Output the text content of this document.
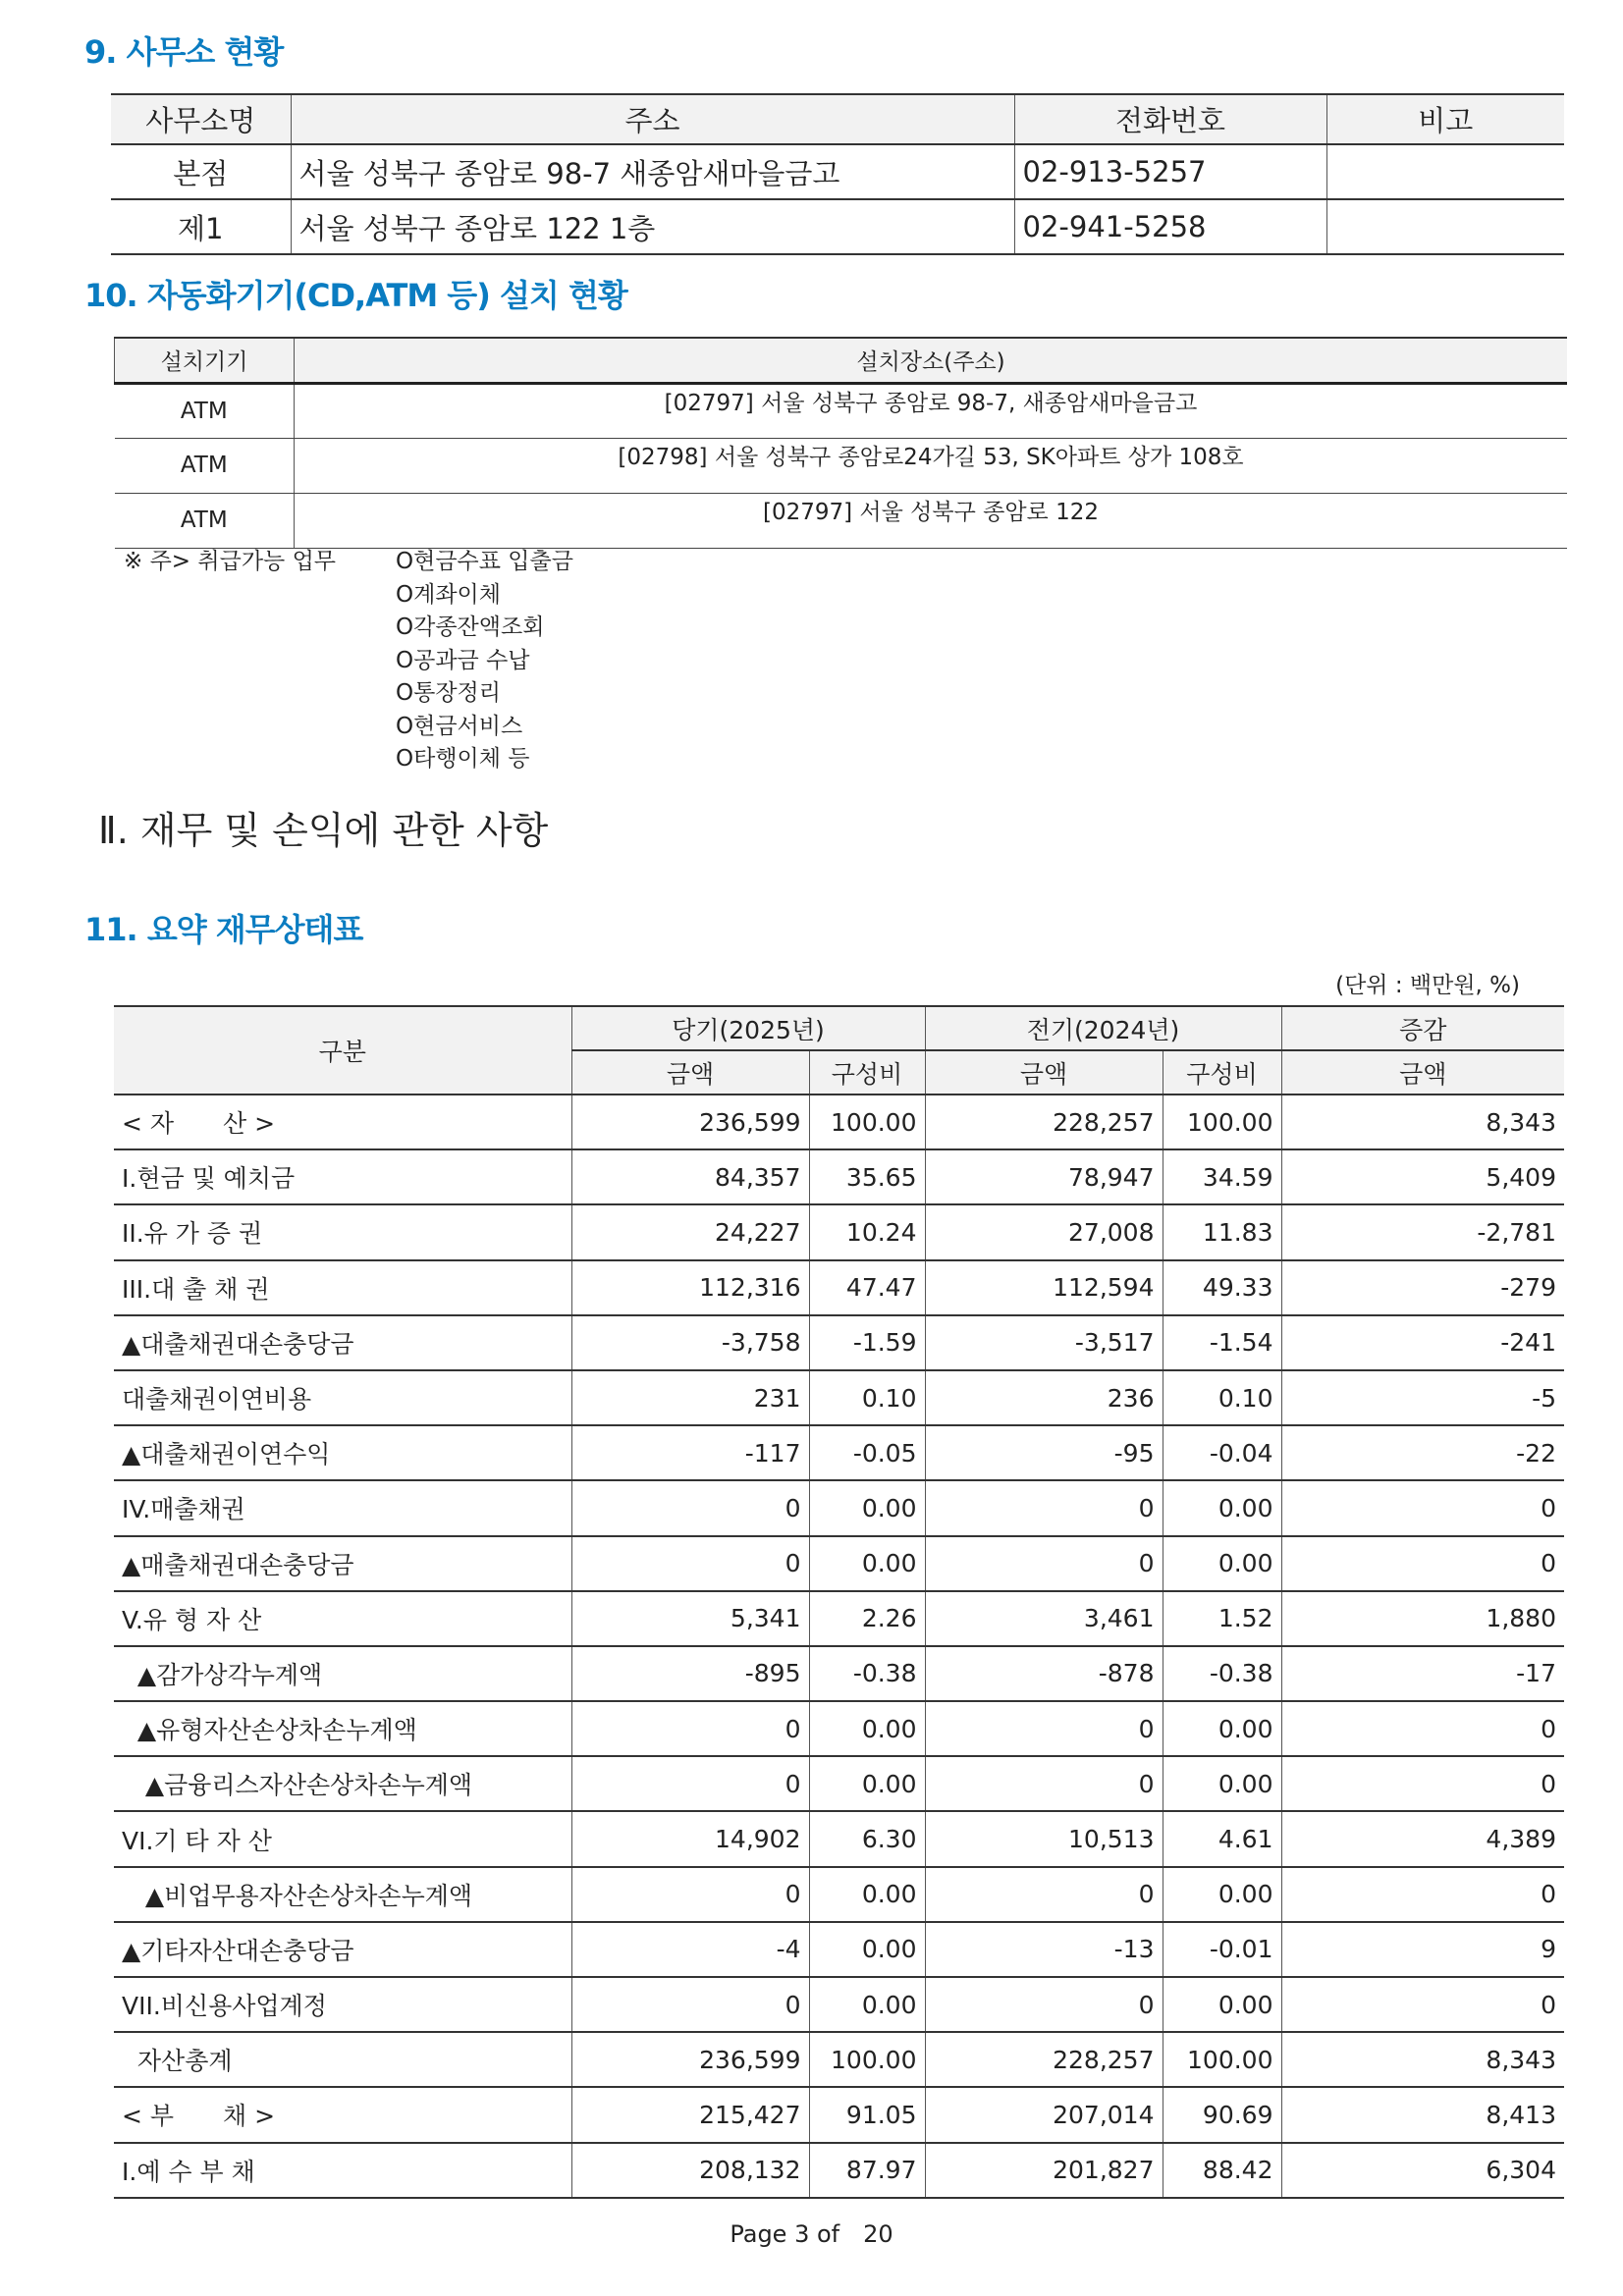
9. 사무소 현황
사무소명	주소	전화번호	비고
본점	서울 성북구 종암로 98-7 새종암새마을금고	02-913-5257	
제1	서울 성북구 종암로 122 1층	02-941-5258	
10. 자동화기기(CD,ATM 등) 설치 현황
설치기기	설치장소(주소)
ATM	[02797] 서울 성북구 종암로 98-7, 새종암새마을금고
ATM	[02798] 서울 성북구 종암로24가길 53, SK아파트 상가 108호
ATM	[02797] 서울 성북구 종암로 122
※ 주> 취급가능 업무	O현금수표 입출금
O계좌이체
O각종잔액조회
O공과금 수납
O통장정리
O현금서비스
O타행이체 등
Ⅱ. 재무 및 손익에 관한 사항
11. 요약 재무상태표
(단위 : 백만원, %)
구분	당기(2025년)		전기(2024년)		증감
	금액	구성비	금액	구성비	금액
< 자　　산 >	236,599	100.00	228,257	100.00	8,343
I.현금 및 예치금	84,357	35.65	78,947	34.59	5,409
II.유 가 증 권	24,227	10.24	27,008	11.83	-2,781
III.대 출 채 권	112,316	47.47	112,594	49.33	-279
▲대출채권대손충당금	-3,758	-1.59	-3,517	-1.54	-241
대출채권이연비용	231	0.10	236	0.10	-5
▲대출채권이연수익	-117	-0.05	-95	-0.04	-22
IV.매출채권	0	0.00	0	0.00	0
▲매출채권대손충당금	0	0.00	0	0.00	0
V.유 형 자 산	5,341	2.26	3,461	1.52	1,880
▲감가상각누계액	-895	-0.38	-878	-0.38	-17
▲유형자산손상차손누계액	0	0.00	0	0.00	0
▲금융리스자산손상차손누계액	0	0.00	0	0.00	0
VI.기 타 자 산	14,902	6.30	10,513	4.61	4,389
▲비업무용자산손상차손누계액	0	0.00	0	0.00	0
▲기타자산대손충당금	-4	0.00	-13	-0.01	9
VII.비신용사업계정	0	0.00	0	0.00	0
자산총계	236,599	100.00	228,257	100.00	8,343
< 부　　채 >	215,427	91.05	207,014	90.69	8,413
I.예 수 부 채	208,132	87.97	201,827	88.42	6,304
Page 3 of　20
